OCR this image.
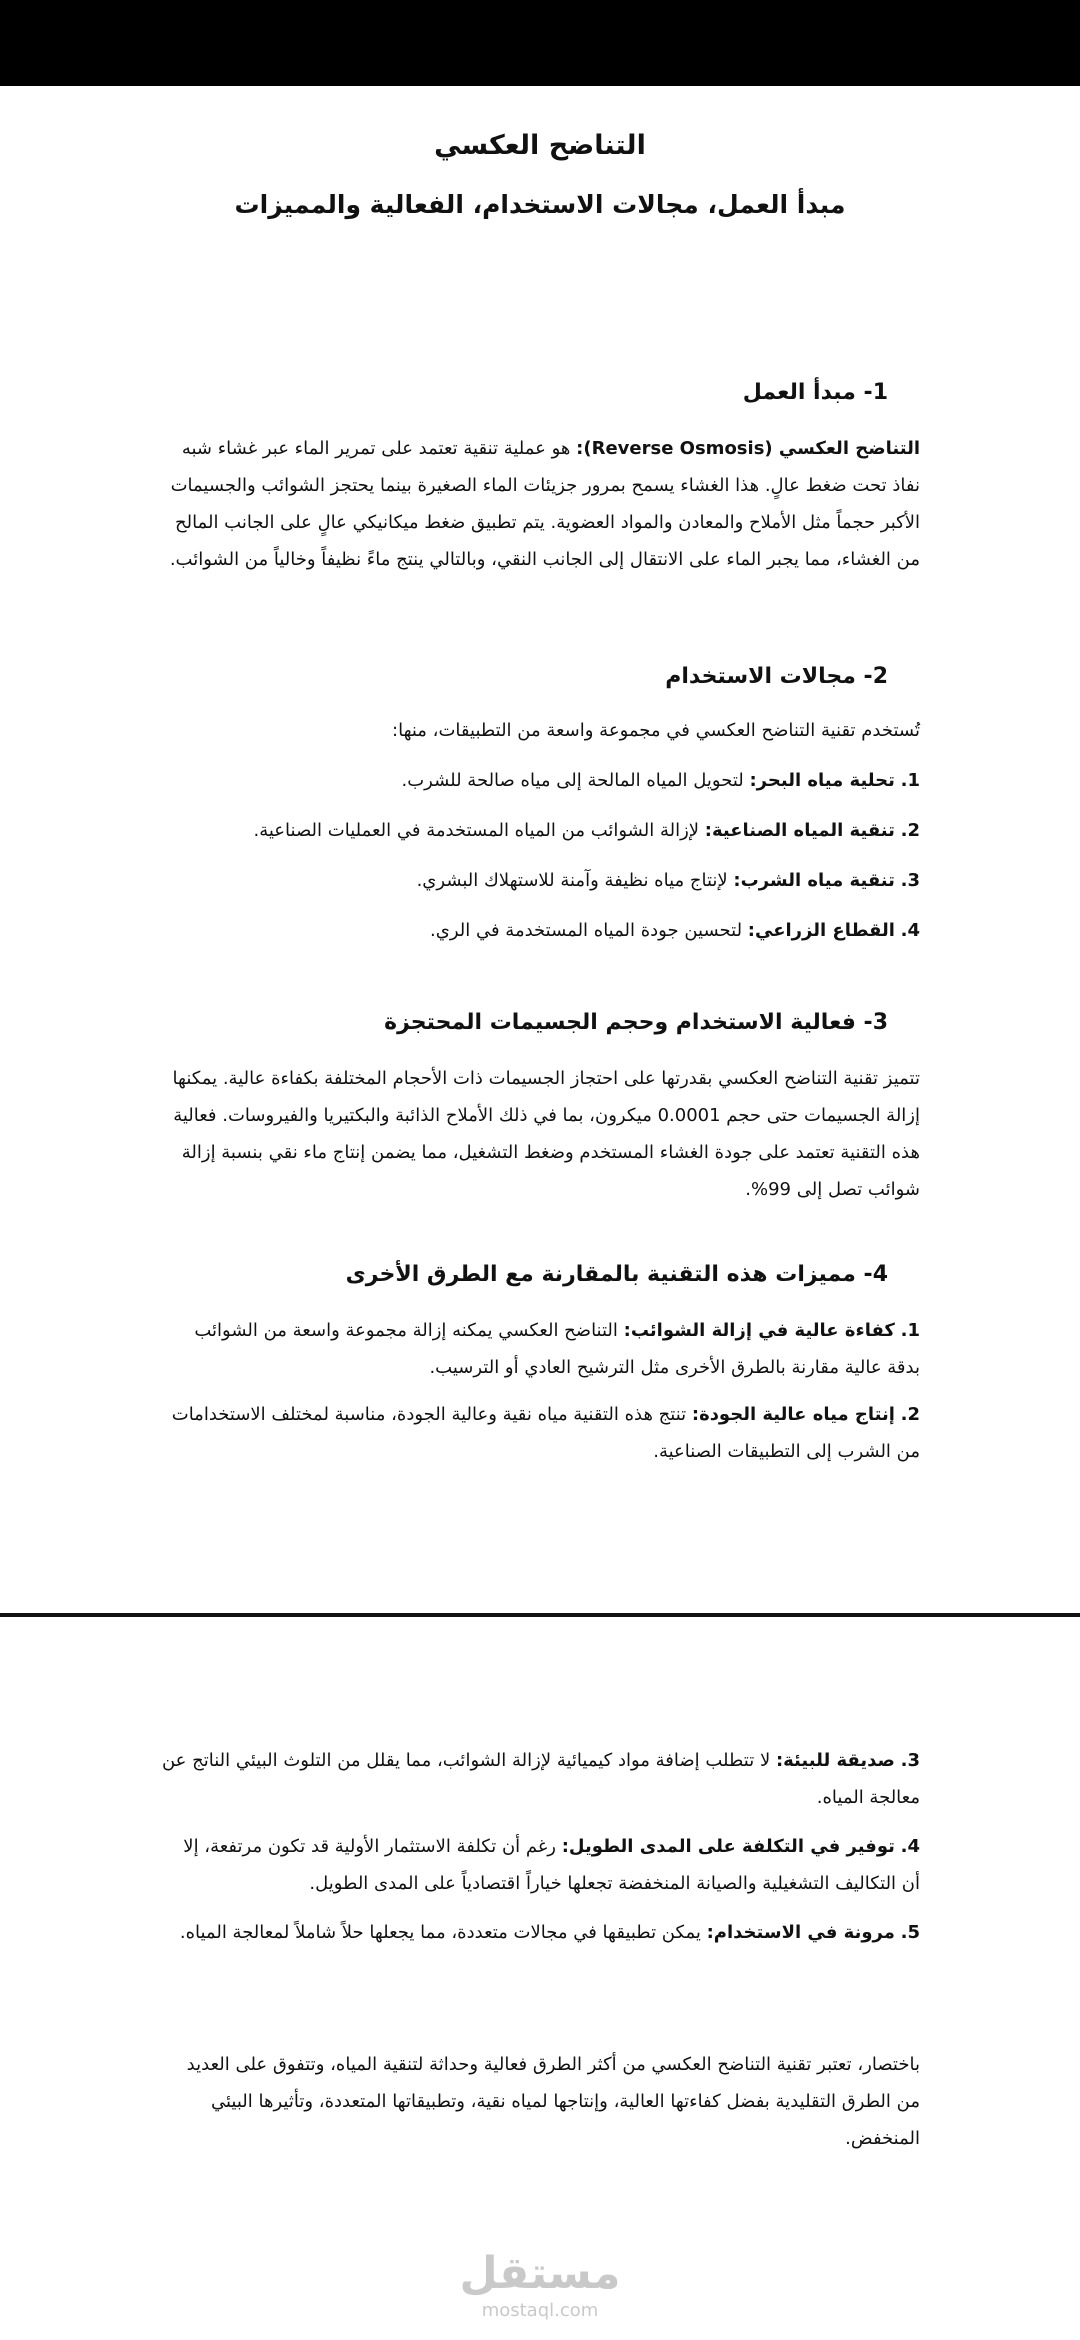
التناضح العكسي
مبدأ العمل، مجالات الاستخدام، الفعالية والمميزات
1- مبدأ العمل

التناضح العكسي (Reverse Osmosis): هو عملية تنقية تعتمد على تمرير الماء عبر غشاء شبه نفاذ تحت ضغط عالٍ. هذا الغشاء يسمح بمرور جزيئات الماء الصغيرة بينما يحتجز الشوائب والجسيمات الأكبر حجماً مثل الأملاح والمعادن والمواد العضوية. يتم تطبيق ضغط ميكانيكي عالٍ على الجانب المالح من الغشاء، مما يجبر الماء على الانتقال إلى الجانب النقي، وبالتالي ينتج ماءً نظيفاً وخالياً من الشوائب.

2- مجالات الاستخدام

تُستخدم تقنية التناضح العكسي في مجموعة واسعة من التطبيقات، منها:

1. تحلية مياه البحر: لتحويل المياه المالحة إلى مياه صالحة للشرب.

2. تنقية المياه الصناعية: لإزالة الشوائب من المياه المستخدمة في العمليات الصناعية.

3. تنقية مياه الشرب: لإنتاج مياه نظيفة وآمنة للاستهلاك البشري.

4. القطاع الزراعي: لتحسين جودة المياه المستخدمة في الري.

3- فعالية الاستخدام وحجم الجسيمات المحتجزة

تتميز تقنية التناضح العكسي بقدرتها على احتجاز الجسيمات ذات الأحجام المختلفة بكفاءة عالية. يمكنها إزالة الجسيمات حتى حجم 0.0001 ميكرون، بما في ذلك الأملاح الذائبة والبكتيريا والفيروسات. فعالية هذه التقنية تعتمد على جودة الغشاء المستخدم وضغط التشغيل، مما يضمن إنتاج ماء نقي بنسبة إزالة شوائب تصل إلى 99%.

4- مميزات هذه التقنية بالمقارنة مع الطرق الأخرى

1. كفاءة عالية في إزالة الشوائب: التناضح العكسي يمكنه إزالة مجموعة واسعة من الشوائب بدقة عالية مقارنة بالطرق الأخرى مثل الترشيح العادي أو الترسيب.

2. إنتاج مياه عالية الجودة: تنتج هذه التقنية مياه نقية وعالية الجودة، مناسبة لمختلف الاستخدامات من الشرب إلى التطبيقات الصناعية.

3. صديقة للبيئة: لا تتطلب إضافة مواد كيميائية لإزالة الشوائب، مما يقلل من التلوث البيئي الناتج عن معالجة المياه.

4. توفير في التكلفة على المدى الطويل: رغم أن تكلفة الاستثمار الأولية قد تكون مرتفعة، إلا أن التكاليف التشغيلية والصيانة المنخفضة تجعلها خياراً اقتصادياً على المدى الطويل.

5. مرونة في الاستخدام: يمكن تطبيقها في مجالات متعددة، مما يجعلها حلاً شاملاً لمعالجة المياه.

باختصار، تعتبر تقنية التناضح العكسي من أكثر الطرق فعالية وحداثة لتنقية المياه، وتتفوق على العديد من الطرق التقليدية بفضل كفاءتها العالية، وإنتاجها لمياه نقية، وتطبيقاتها المتعددة، وتأثيرها البيئي المنخفض.

مستقل
mostaql.com
